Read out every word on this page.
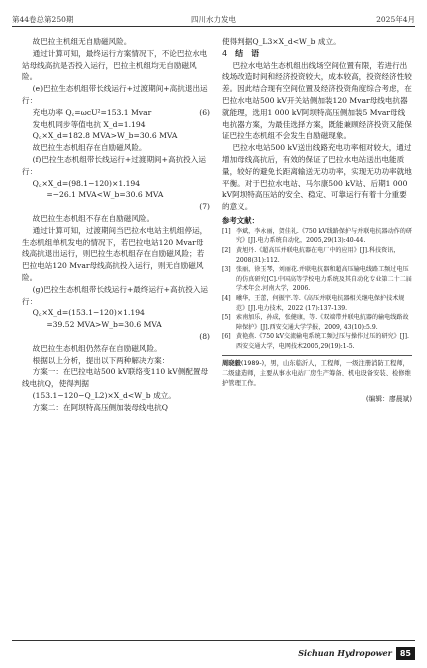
第44卷总第250期	四川水力发电	2025年4月

故巴拉主机组无自励磁风险。

通过计算可知，最终运行方案情况下，不论巴拉水电站母线高抗是否投入运行，巴拉主机组均无自励磁风险。

(e)巴拉生态机组带长线运行+过渡期间+高抗退出运行：

充电功率 Q꜀=ωcU²=153.1 Mvar	(6)

发电机同步等值电抗 X_d=1.194

Q꜀×X_d=182.8 MVA>W_b=30.6 MVA

故巴拉生态机组存在自励磁风险。

(f)巴拉生态机组带长线运行+过渡期间+高抗投入运行：

Q꜀×X_d=(98.1−120)×1.194

=−26.1 MVA<W_b=30.6 MVA

(7)

故巴拉生态机组不存在自励磁风险。

通过计算可知，过渡期间当巴拉水电站主机组停运，生态机组单机发电的情况下，若巴拉电站120 Mvar母线高抗退出运行，则巴拉生态机组存在自励磁风险；若巴拉电站120 Mvar母线高抗投入运行，则无自励磁风险。

(g)巴拉生态机组带长线运行+最终运行+高抗投入运行：

Q꜀×X_d=(153.1−120)×1.194

=39.52 MVA>W_b=30.6 MVA

(8)

故巴拉生态机组仍然存在自励磁风险。

根据以上分析，提出以下两种解决方案：

方案一：在巴拉电站500 kV联络变110 kV侧配置母线电抗Q，使得判据

(153.1−120−Q_L2)×X_d<W_b 成立。

方案二：在阿坝特高压侧加装母线电抗Q

使得判据Q_L3×X_d<W_b 成立。

4 结　语

巴拉水电站生态机组出线场空间位置有限，若进行出线场改造时间和经济投资较大，成本较高，投资经济性较差。因此结合现有空间位置及经济投资角度综合考虑，在巴拉水电站500 kV开关站侧加装120 Mvar母线电抗器就能理，选用1 000 kV阿坝特高压侧加装5 Mvar母线电抗器方案，为最佳选择方案，既能兼顾经济投资又能保证巴拉生态机组不会发生自励磁现象。

巴拉水电站500 kV送出线路充电功率相对较大，通过增加母线高抗后，有效的保证了巴拉水电站送出电能质量，较好的避免长距离输送无功功率，实现无功功率就地平衡。对于巴拉水电站、马尔康500 kV站、后期1 000 kV阿坝特高压站的安全、稳定、可靠运行有着十分重要的意义。

参考文献：
[1] 李斌，李永丽，贺佳礼.《750 kV线路保护与并联电抗器动作的研究》[J].电力系统自动化，2005,29(13):40-44.
[2] 黄旭丹.《超高压并联电抗器在电厂中的应用》[J].科技资讯，2008(31):112.
[3] 张丽，徐玉琴，刘丽花.并联电抗器和超高压输电线路工频过电压的仿真研究[C].中国高等学校电力系统及其自动化专业第二十二届学术年会.河南大学，2006.
[4] 曦华，王蕾，何振宇.等.《高压并联电抗器相关继电保护技术规范》[J].电力技术，2022 (17):137-139.
[5] 索南加乐，孙成，张健康，等.《双端带并联电抗器的输电线路故障保护》[J].西安交通大学学报，2009, 43(10):5.9.
[6] 黄艳燕.《750 kV交流输电系统工频过压与操作过压的研究》[J].西安交通大学，电网技术2005,29(19):1-5.
周晓毅(1989-)，男，山东临沂人，工程师，一级注册消防工程师，二级建造师，主要从事水电站厂房生产筹备、机电设备安装、检修维护管理工作。
(编辑：廖晨斌)
Sichuan Hydropower	85
